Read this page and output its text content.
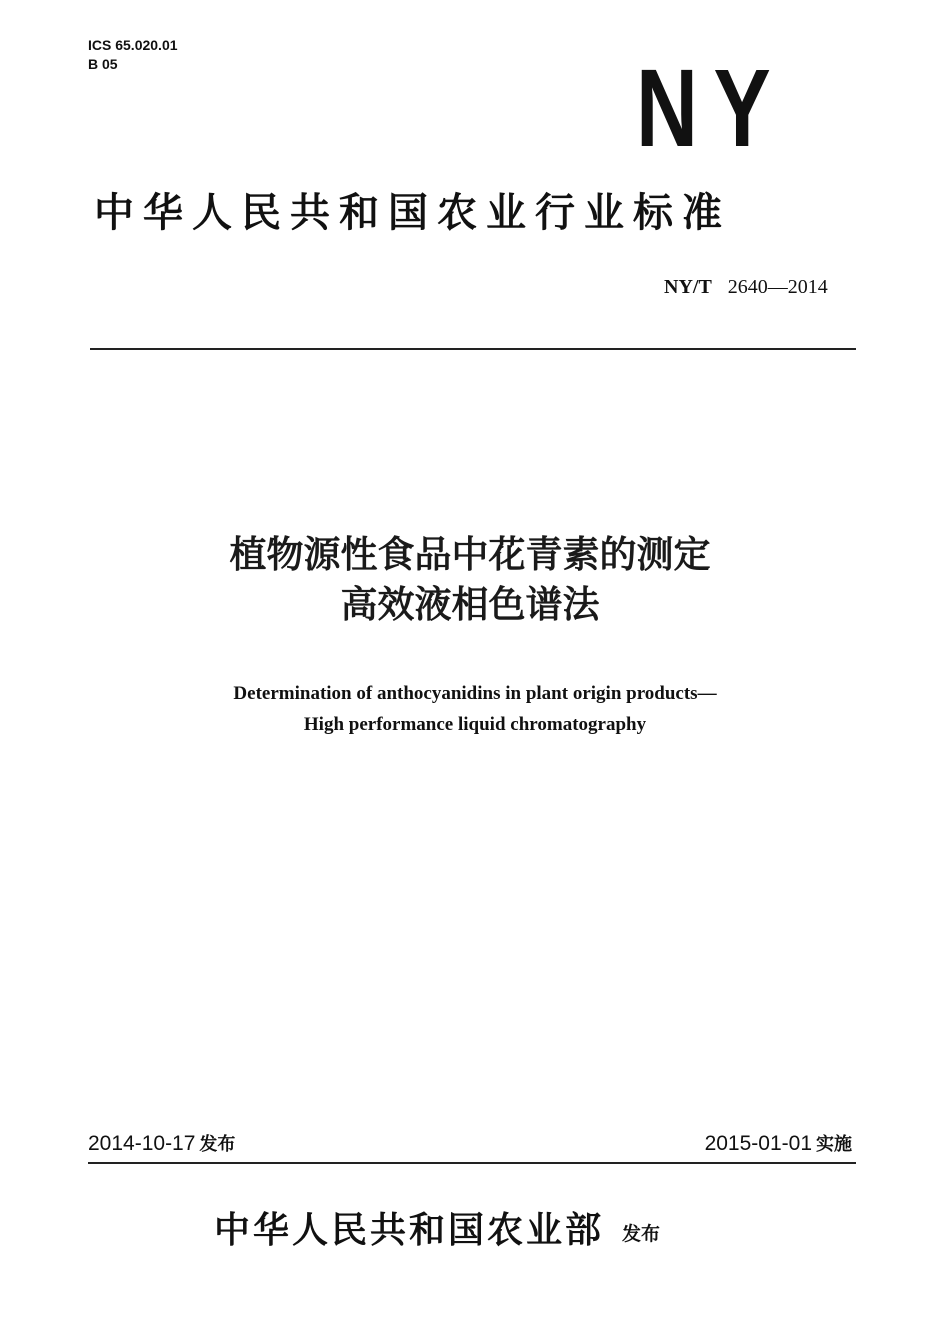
ICS 65.020.01
B 05	NY
中华人民共和国农业行业标准
NY/T 2640—2014
植物源性食品中花青素的测定
高效液相色谱法
Determination of anthocyanidins in plant origin products—
High performance liquid chromatography
2014-10-17 发布	2015-01-01 实施
中华人民共和国农业部 发布
